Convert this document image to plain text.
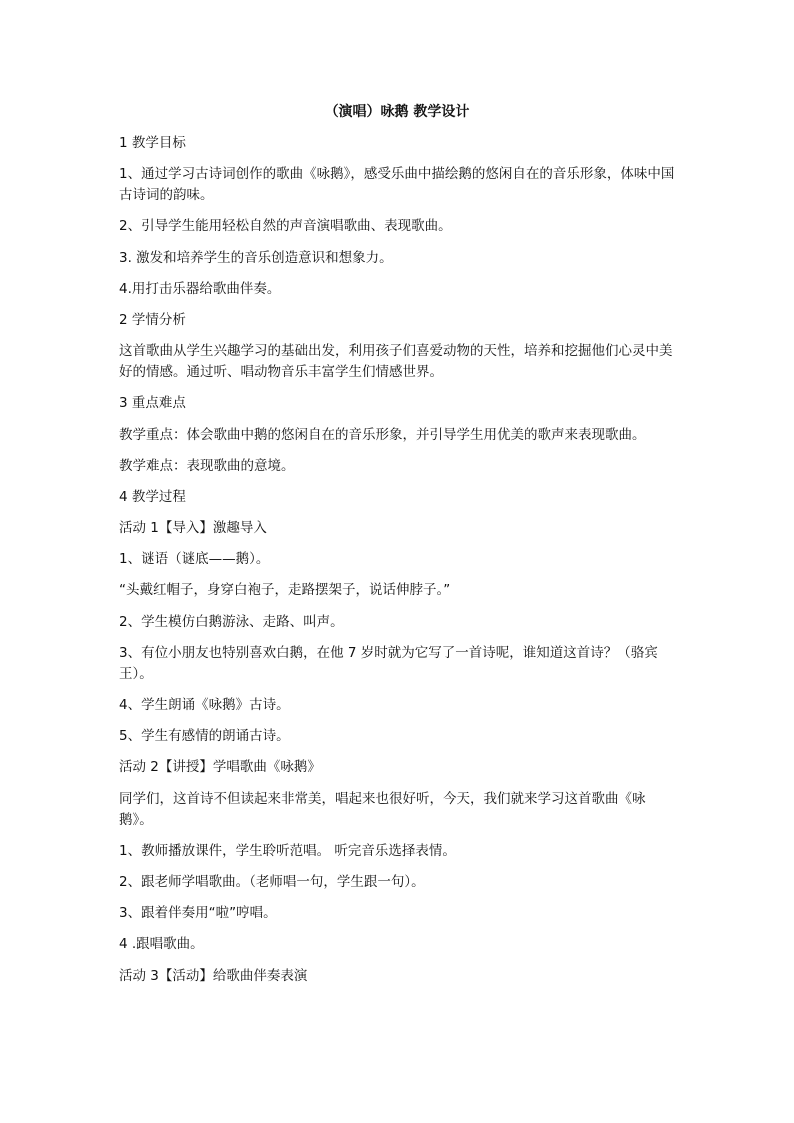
（演唱）咏鹅 教学设计

1 教学目标

1、通过学习古诗词创作的歌曲《咏鹅》，感受乐曲中描绘鹅的悠闲自在的音乐形象，体味中国古诗词的韵味。

2、引导学生能用轻松自然的声音演唱歌曲、表现歌曲。

3. 激发和培养学生的音乐创造意识和想象力。

4.用打击乐器给歌曲伴奏。

2 学情分析

这首歌曲从学生兴趣学习的基础出发，利用孩子们喜爱动物的天性，培养和挖掘他们心灵中美好的情感。通过听、唱动物音乐丰富学生们情感世界。

3 重点难点

教学重点：体会歌曲中鹅的悠闲自在的音乐形象，并引导学生用优美的歌声来表现歌曲。

教学难点：表现歌曲的意境。

4 教学过程

活动 1【导入】激趣导入

1、谜语（谜底——鹅）。

“头戴红帽子，身穿白袍子，走路摆架子，说话伸脖子。”

2、学生模仿白鹅游泳、走路、叫声。

3、有位小朋友也特别喜欢白鹅，在他 7 岁时就为它写了一首诗呢，谁知道这首诗？（骆宾王）。

4、学生朗诵《咏鹅》古诗。

5、学生有感情的朗诵古诗。

活动 2【讲授】学唱歌曲《咏鹅》

同学们，这首诗不但读起来非常美，唱起来也很好听，今天，我们就来学习这首歌曲《咏鹅》。

1、教师播放课件，学生聆听范唱。 听完音乐选择表情。

2、跟老师学唱歌曲。（老师唱一句，学生跟一句）。

3、跟着伴奏用“啦”哼唱。

4 .跟唱歌曲。

活动 3【活动】给歌曲伴奏表演
